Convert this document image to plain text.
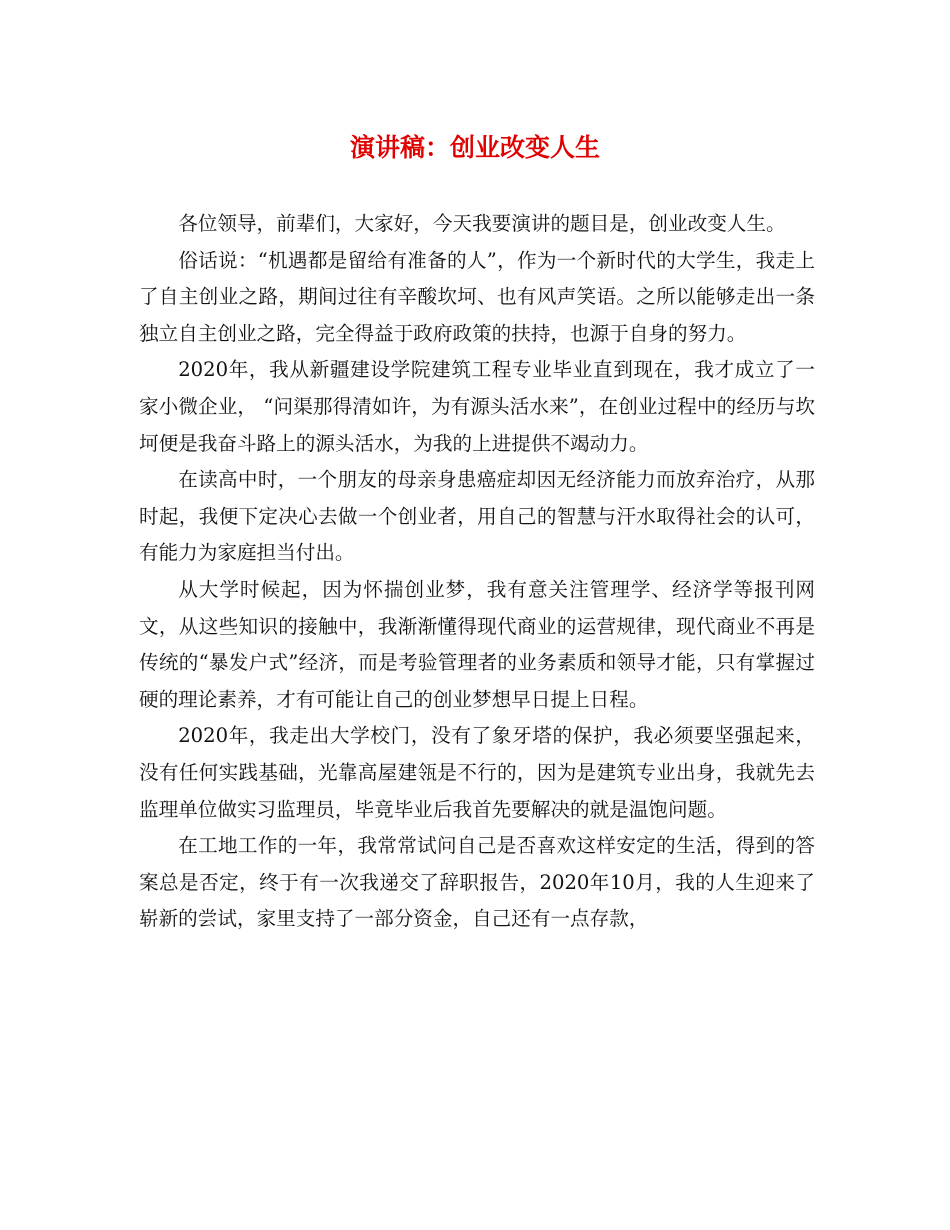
演讲稿：创业改变人生

各位领导，前辈们，大家好，今天我要演讲的题目是，创业改变人生。

俗话说：“机遇都是留给有准备的人”，作为一个新时代的大学生，我走上了自主创业之路，期间过往有辛酸坎坷、也有风声笑语。之所以能够走出一条独立自主创业之路，完全得益于政府政策的扶持，也源于自身的努力。

2020年，我从新疆建设学院建筑工程专业毕业直到现在，我才成立了一家小微企业， “问渠那得清如许，为有源头活水来”，在创业过程中的经历与坎坷便是我奋斗路上的源头活水，为我的上进提供不竭动力。

在读高中时，一个朋友的母亲身患癌症却因无经济能力而放弃治疗，从那时起，我便下定决心去做一个创业者，用自己的智慧与汗水取得社会的认可，有能力为家庭担当付出。

从大学时候起，因为怀揣创业梦，我有意关注管理学、经济学等报刊网文，从这些知识的接触中，我渐渐懂得现代商业的运营规律，现代商业不再是传统的“暴发户式”经济，而是考验管理者的业务素质和领导才能，只有掌握过硬的理论素养，才有可能让自己的创业梦想早日提上日程。

2020年，我走出大学校门，没有了象牙塔的保护，我必须要坚强起来，没有任何实践基础，光靠高屋建瓴是不行的，因为是建筑专业出身，我就先去监理单位做实习监理员，毕竟毕业后我首先要解决的就是温饱问题。

在工地工作的一年，我常常试问自己是否喜欢这样安定的生活，得到的答案总是否定，终于有一次我递交了辞职报告，2020年10月，我的人生迎来了崭新的尝试，家里支持了一部分资金，自己还有一点存款，
